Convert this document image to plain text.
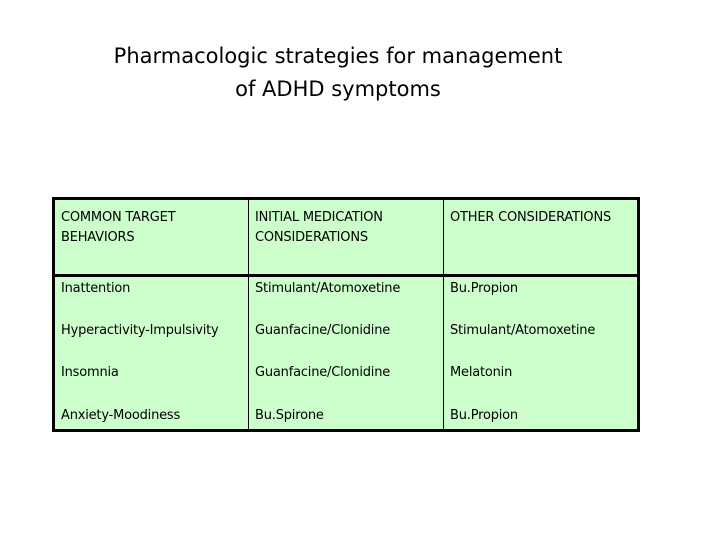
Pharmacologic strategies for management
of ADHD symptoms
COMMON TARGET BEHAVIORS	INITIAL MEDICATION CONSIDERATIONS	OTHER CONSIDERATIONS
Inattention	Stimulant/Atomoxetine	Bu.Propion
Hyperactivity-Impulsivity	Guanfacine/Clonidine	Stimulant/Atomoxetine
Insomnia	Guanfacine/Clonidine	Melatonin
Anxiety-Moodiness	Bu.Spirone	Bu.Propion
